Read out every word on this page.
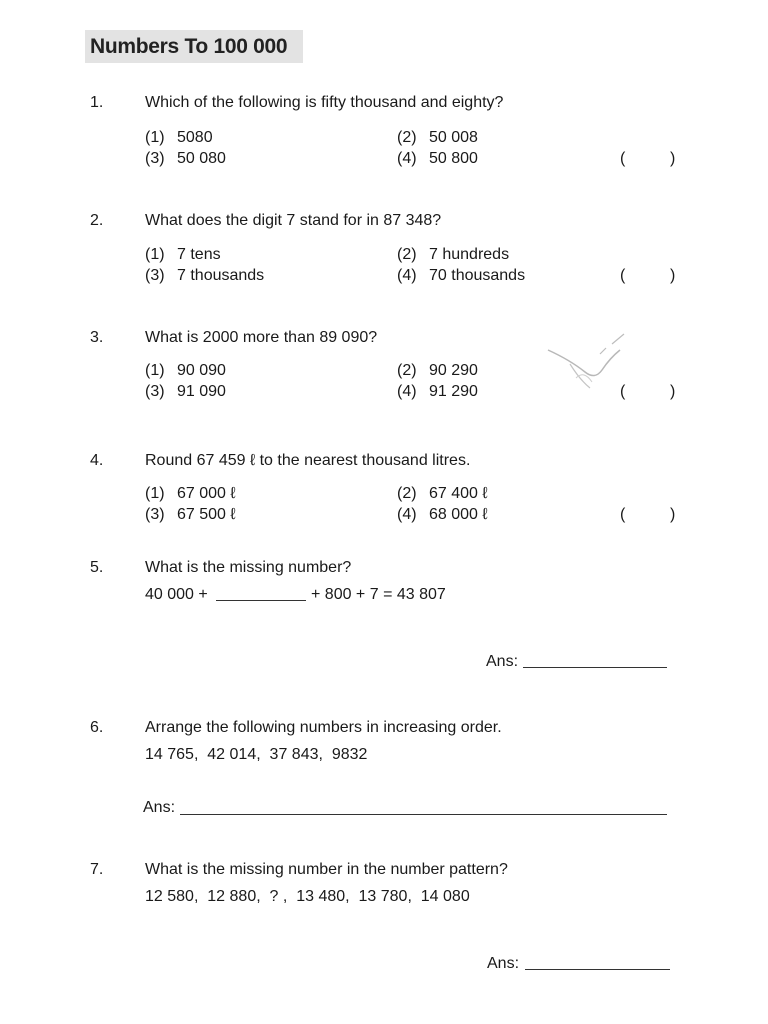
Numbers To 100 000
1.	Which of the following is fifty thousand and eighty?
(1) 5080	(2) 50 008
(3) 50 080	(4) 50 800	(	)
2.	What does the digit 7 stand for in 87 348?
(1) 7 tens	(2) 7 hundreds
(3) 7 thousands	(4) 70 thousands	(	)
3.	What is 2000 more than 89 090?
(1) 90 090	(2) 90 290
(3) 91 090	(4) 91 290	(	)
4.	Round 67 459 ℓ to the nearest thousand litres.
(1) 67 000 ℓ	(2) 67 400 ℓ
(3) 67 500 ℓ	(4) 68 000 ℓ	(	)
5.	What is the missing number?
40 000 +	+ 800 + 7 = 43 807
Ans:
6.	Arrange the following numbers in increasing order.
14 765,  42 014,  37 843,  9832
Ans:
7.	What is the missing number in the number pattern?
12 580,  12 880,  ? ,  13 480,  13 780,  14 080
Ans:
